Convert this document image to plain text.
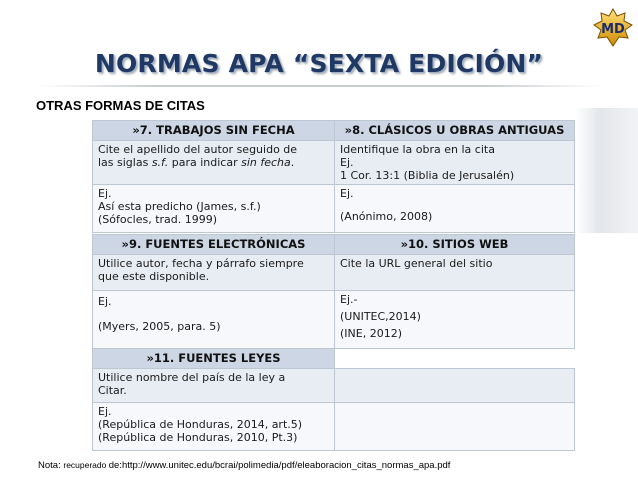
MD
NORMAS APA “SEXTA EDICIÓN”
OTRAS FORMAS DE CITAS
»7. TRABAJOS SIN FECHA	»8. CLÁSICOS U OBRAS ANTIGUAS

Cite el apellido del autor seguido de
las siglas s.f. para indicar sin fecha.	Identifique la obra en la cita
Ej.
1 Cor. 13:1 (Biblia de Jerusalén)

Ej.
Así esta predicho (James, s.f.)
(Sófocles, trad. 1999)	Ej.
(Anónimo, 2008)
»9. FUENTES ELECTRÓNICAS	»10. SITIOS WEB

Utilice autor, fecha y párrafo siempre
que este disponible.	Cite la URL general del sitio

Ej.
(Myers, 2005, para. 5)	Ej.-
(UNITEC,2014)
(INE, 2012)
»11. FUENTES LEYES	

Utilice nombre del país de la ley a
Citar.	

Ej.
(República de Honduras, 2014, art.5)
(República de Honduras, 2010, Pt.3)	

Nota: recuperado de:http://www.unitec.edu/bcrai/polimedia/pdf/eleaboracion_citas_normas_apa.pdf
